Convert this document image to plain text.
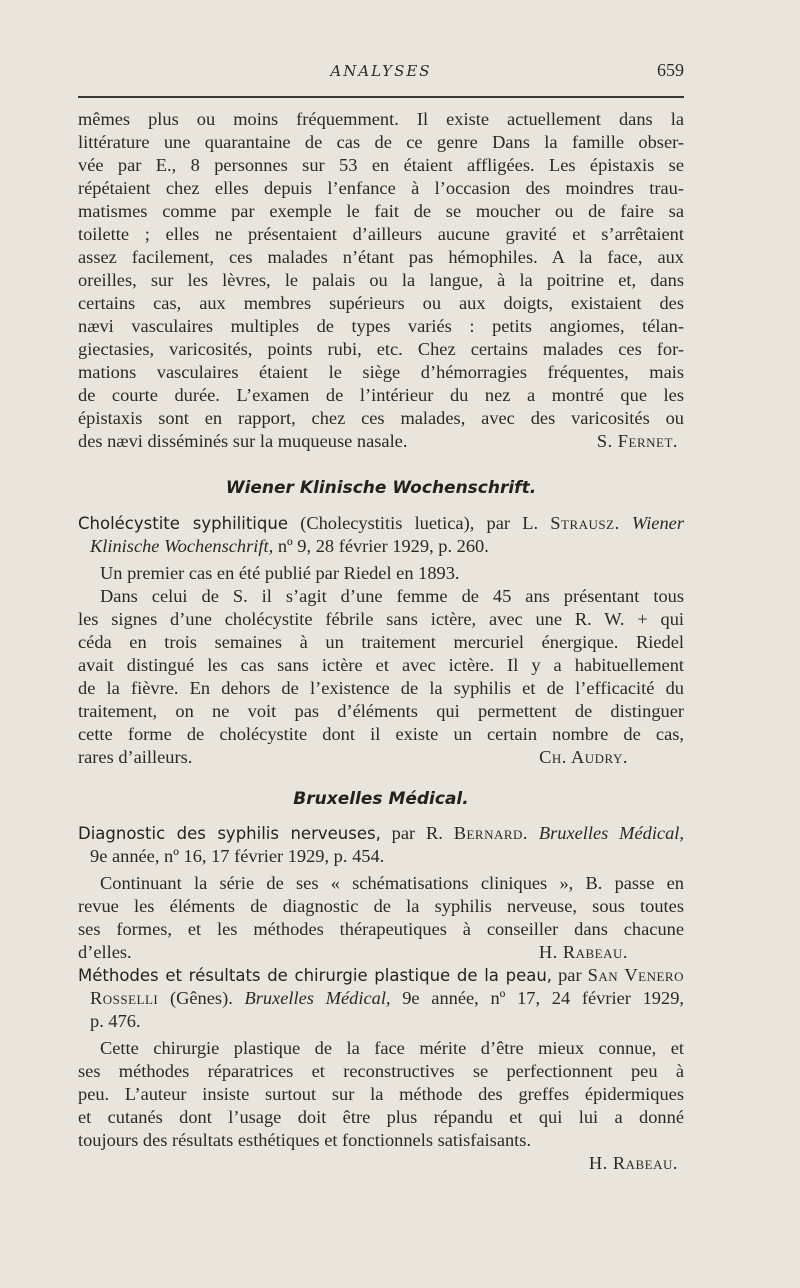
ANALYSES	659
mêmes plus ou moins fréquemment. Il existe actuellement dans la
littérature une quarantaine de cas de ce genre Dans la famille obser-
vée par E., 8 personnes sur 53 en étaient affligées. Les épistaxis se
répétaient chez elles depuis l’enfance à l’occasion des moindres trau-
matismes comme par exemple le fait de se moucher ou de faire sa
toilette ; elles ne présentaient d’ailleurs aucune gravité et s’arrêtaient
assez facilement, ces malades n’étant pas hémophiles. A la face, aux
oreilles, sur les lèvres, le palais ou la langue, à la poitrine et, dans
certains cas, aux membres supérieurs ou aux doigts, existaient des
nævi vasculaires multiples de types variés : petits angiomes, télan-
giectasies, varicosités, points rubi, etc. Chez certains malades ces for-
mations vasculaires étaient le siège d’hémorragies fréquentes, mais
de courte durée. L’examen de l’intérieur du nez a montré que les
épistaxis sont en rapport, chez ces malades, avec des varicosités ou
des nævi disséminés sur la muqueuse nasale.	S. Fernet.
Wiener Klinische Wochenschrift.
Cholécystite syphilitique (Cholecystitis luetica), par L. Strausz. Wiener
Klinische Wochenschrift, nº 9, 28 février 1929, p. 260.
Un premier cas en été publié par Riedel en 1893.
Dans celui de S. il s’agit d’une femme de 45 ans présentant tous
les signes d’une cholécystite fébrile sans ictère, avec une R. W. + qui
céda en trois semaines à un traitement mercuriel énergique. Riedel
avait distingué les cas sans ictère et avec ictère. Il y a habituellement
de la fièvre. En dehors de l’existence de la syphilis et de l’efficacité du
traitement, on ne voit pas d’éléments qui permettent de distinguer
cette forme de cholécystite dont il existe un certain nombre de cas,
rares d’ailleurs.	Ch. Audry.
Bruxelles Médical.
Diagnostic des syphilis nerveuses, par R. Bernard. Bruxelles Médical,
9e année, nº 16, 17 février 1929, p. 454.
Continuant la série de ses « schématisations cliniques », B. passe en
revue les éléments de diagnostic de la syphilis nerveuse, sous toutes
ses formes, et les méthodes thérapeutiques à conseiller dans chacune
d’elles.	H. Rabeau.
Méthodes et résultats de chirurgie plastique de la peau, par San Venero
Rosselli (Gênes). Bruxelles Médical, 9e année, nº 17, 24 février 1929,
p. 476.
Cette chirurgie plastique de la face mérite d’être mieux connue, et
ses méthodes réparatrices et reconstructives se perfectionnent peu à
peu. L’auteur insiste surtout sur la méthode des greffes épidermiques
et cutanés dont l’usage doit être plus répandu et qui lui a donné
toujours des résultats esthétiques et fonctionnels satisfaisants.
H. Rabeau.
